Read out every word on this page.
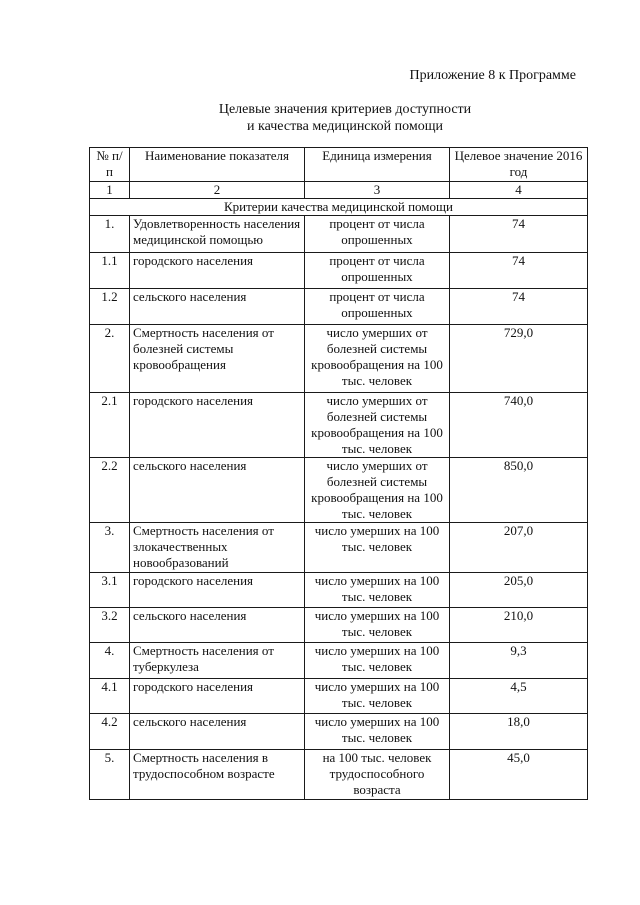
Приложение 8 к Программе
Целевые значения критериев доступности
и качества медицинской помощи
№ п/п	Наименование показателя	Единица измерения	Целевое значение 2016 год
1	2	3	4
Критерии качества медицинской помощи			
1.	Удовлетворенность населения медицинской помощью	процент от числа опрошенных	74
1.1	городского населения	процент от числа опрошенных	74
1.2	сельского населения	процент от числа опрошенных	74
2.	Смертность населения от болезней системы кровообращения	число умерших от болезней системы кровообращения на 100 тыс. человек	729,0
2.1	городского населения	число умерших от болезней системы кровообращения на 100 тыс. человек	740,0
2.2	сельского населения	число умерших от болезней системы кровообращения на 100 тыс. человек	850,0
3.	Смертность населения от злокачественных новообразований	число умерших на 100 тыс. человек	207,0
3.1	городского населения	число умерших на 100 тыс. человек	205,0
3.2	сельского населения	число умерших на 100 тыс. человек	210,0
4.	Смертность населения от туберкулеза	число умерших на 100 тыс. человек	9,3
4.1	городского населения	число умерших на 100 тыс. человек	4,5
4.2	сельского населения	число умерших на 100 тыс. человек	18,0
5.	Смертность населения в трудоспособном возрасте	на 100 тыс. человек трудоспособного возраста	45,0
